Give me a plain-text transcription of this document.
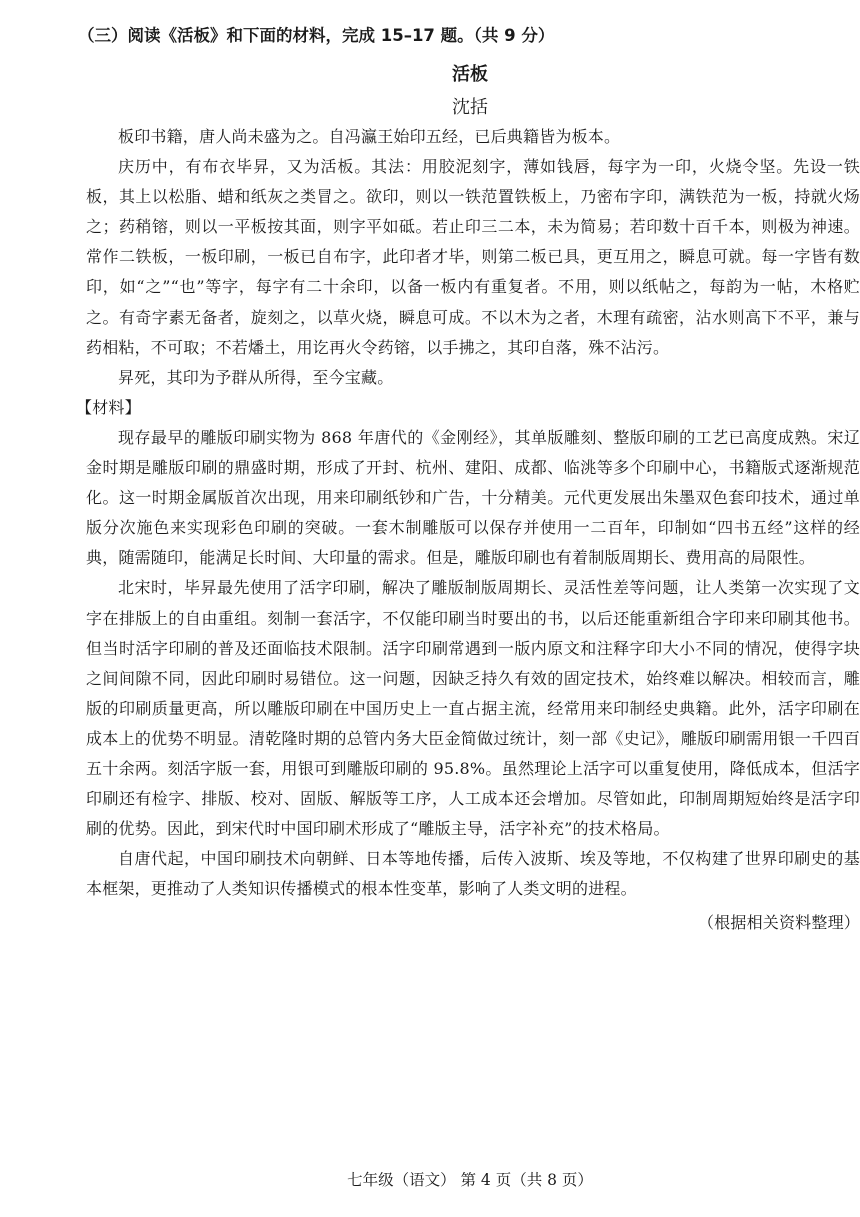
（三）阅读《活板》和下面的材料，完成 15–17 题。（共 9 分）
活板
沈括

板印书籍，唐人尚未盛为之。自冯瀛王始印五经，已后典籍皆为板本。

庆历中，有布衣毕昇，又为活板。其法：用胶泥刻字，薄如钱唇，每字为一印，火烧令坚。先设一铁板，其上以松脂、蜡和纸灰之类冒之。欲印，则以一铁范置铁板上，乃密布字印，满铁范为一板，持就火炀之；药稍镕，则以一平板按其面，则字平如砥。若止印三二本，未为简易；若印数十百千本，则极为神速。常作二铁板，一板印刷，一板已自布字，此印者才毕，则第二板已具，更互用之，瞬息可就。每一字皆有数印，如“之”“也”等字，每字有二十余印，以备一板内有重复者。不用，则以纸帖之，每韵为一帖，木格贮之。有奇字素无备者，旋刻之，以草火烧，瞬息可成。不以木为之者，木理有疏密，沾水则高下不平，兼与药相粘，不可取；不若燔土，用讫再火令药镕，以手拂之，其印自落，殊不沾污。

昇死，其印为予群从所得，至今宝藏。

【材料】

现存最早的雕版印刷实物为 868 年唐代的《金刚经》，其单版雕刻、整版印刷的工艺已高度成熟。宋辽金时期是雕版印刷的鼎盛时期，形成了开封、杭州、建阳、成都、临洮等多个印刷中心，书籍版式逐渐规范化。这一时期金属版首次出现，用来印刷纸钞和广告，十分精美。元代更发展出朱墨双色套印技术，通过单版分次施色来实现彩色印刷的突破。一套木制雕版可以保存并使用一二百年，印制如“四书五经”这样的经典，随需随印，能满足长时间、大印量的需求。但是，雕版印刷也有着制版周期长、费用高的局限性。

北宋时，毕昇最先使用了活字印刷，解决了雕版制版周期长、灵活性差等问题，让人类第一次实现了文字在排版上的自由重组。刻制一套活字，不仅能印刷当时要出的书，以后还能重新组合字印来印刷其他书。但当时活字印刷的普及还面临技术限制。活字印刷常遇到一版内原文和注释字印大小不同的情况，使得字块之间间隙不同，因此印刷时易错位。这一问题，因缺乏持久有效的固定技术，始终难以解决。相较而言，雕版的印刷质量更高，所以雕版印刷在中国历史上一直占据主流，经常用来印制经史典籍。此外，活字印刷在成本上的优势不明显。清乾隆时期的总管内务大臣金简做过统计，刻一部《史记》，雕版印刷需用银一千四百五十余两。刻活字版一套，用银可到雕版印刷的 95.8%。虽然理论上活字可以重复使用，降低成本，但活字印刷还有检字、排版、校对、固版、解版等工序，人工成本还会增加。尽管如此，印制周期短始终是活字印刷的优势。因此，到宋代时中国印刷术形成了“雕版主导，活字补充”的技术格局。

自唐代起，中国印刷技术向朝鲜、日本等地传播，后传入波斯、埃及等地，不仅构建了世界印刷史的基本框架，更推动了人类知识传播模式的根本性变革，影响了人类文明的进程。

（根据相关资料整理）

七年级（语文） 第 4 页（共 8 页）
